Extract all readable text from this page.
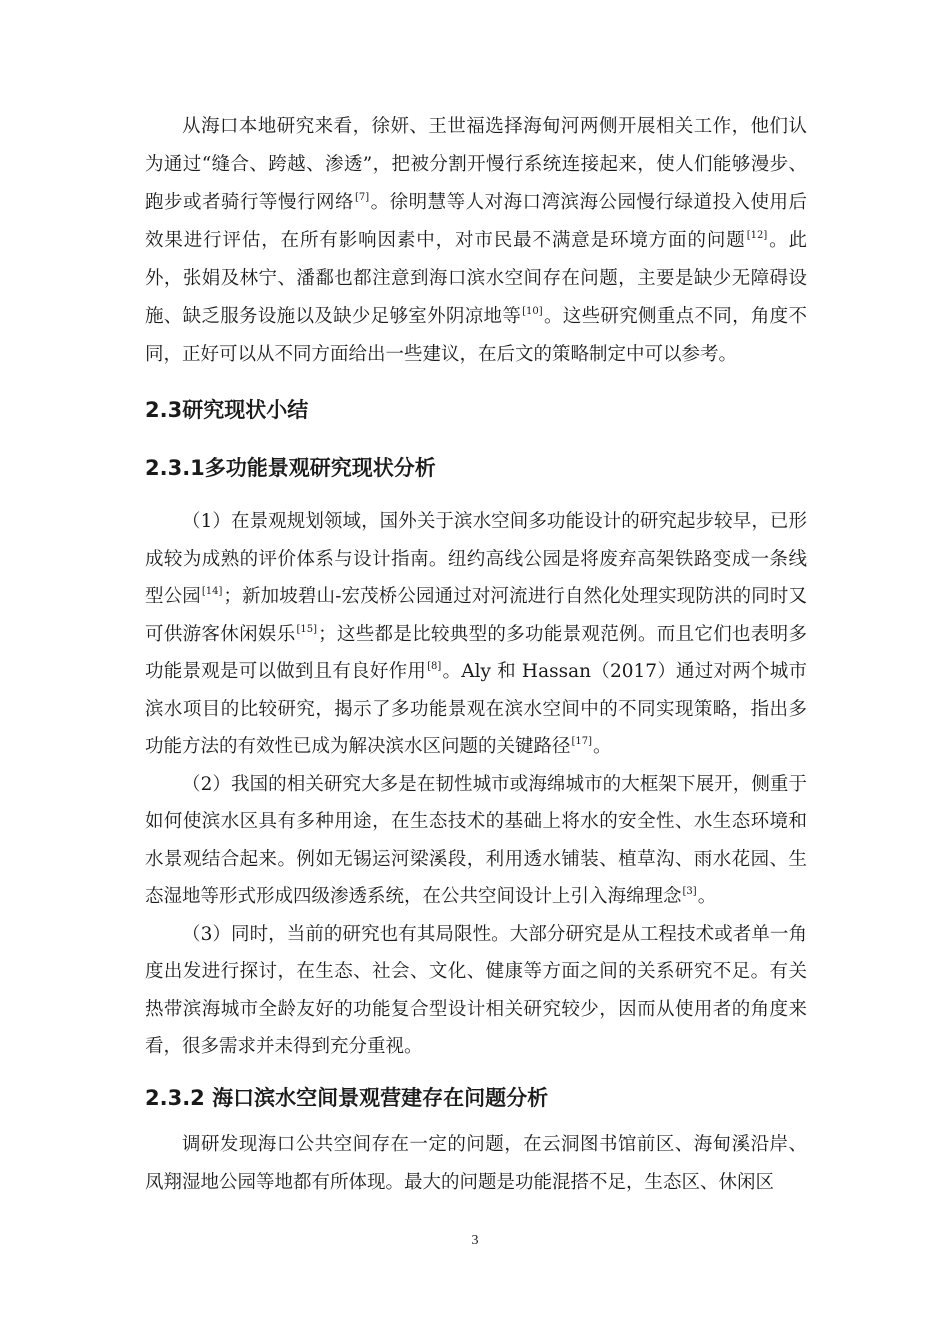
从海口本地研究来看，徐妍、王世福选择海甸河两侧开展相关工作，他们认为通过“缝合、跨越、渗透”，把被分割开慢行系统连接起来，使人们能够漫步、跑步或者骑行等慢行网络[7]。徐明慧等人对海口湾滨海公园慢行绿道投入使用后效果进行评估，在所有影响因素中，对市民最不满意是环境方面的问题[12]。此外，张娟及林宁、潘鄱也都注意到海口滨水空间存在问题，主要是缺少无障碍设施、缺乏服务设施以及缺少足够室外阴凉地等[10]。这些研究侧重点不同，角度不同，正好可以从不同方面给出一些建议，在后文的策略制定中可以参考。

2.3研究现状小结
2.3.1多功能景观研究现状分析

（1）在景观规划领域，国外关于滨水空间多功能设计的研究起步较早，已形成较为成熟的评价体系与设计指南。纽约高线公园是将废弃高架铁路变成一条线型公园[14]；新加坡碧山-宏茂桥公园通过对河流进行自然化处理实现防洪的同时又可供游客休闲娱乐[15]；这些都是比较典型的多功能景观范例。而且它们也表明多功能景观是可以做到且有良好作用[8]。Aly 和 Hassan（2017）通过对两个城市滨水项目的比较研究，揭示了多功能景观在滨水空间中的不同实现策略，指出多功能方法的有效性已成为解决滨水区问题的关键路径[17]。

（2）我国的相关研究大多是在韧性城市或海绵城市的大框架下展开，侧重于如何使滨水区具有多种用途，在生态技术的基础上将水的安全性、水生态环境和水景观结合起来。例如无锡运河梁溪段，利用透水铺装、植草沟、雨水花园、生态湿地等形式形成四级渗透系统，在公共空间设计上引入海绵理念[3]。

（3）同时，当前的研究也有其局限性。大部分研究是从工程技术或者单一角度出发进行探讨，在生态、社会、文化、健康等方面之间的关系研究不足。有关热带滨海城市全龄友好的功能复合型设计相关研究较少，因而从使用者的角度来看，很多需求并未得到充分重视。

2.3.2 海口滨水空间景观营建存在问题分析

调研发现海口公共空间存在一定的问题，在云洞图书馆前区、海甸溪沿岸、凤翔湿地公园等地都有所体现。最大的问题是功能混搭不足，生态区、休闲区

3
